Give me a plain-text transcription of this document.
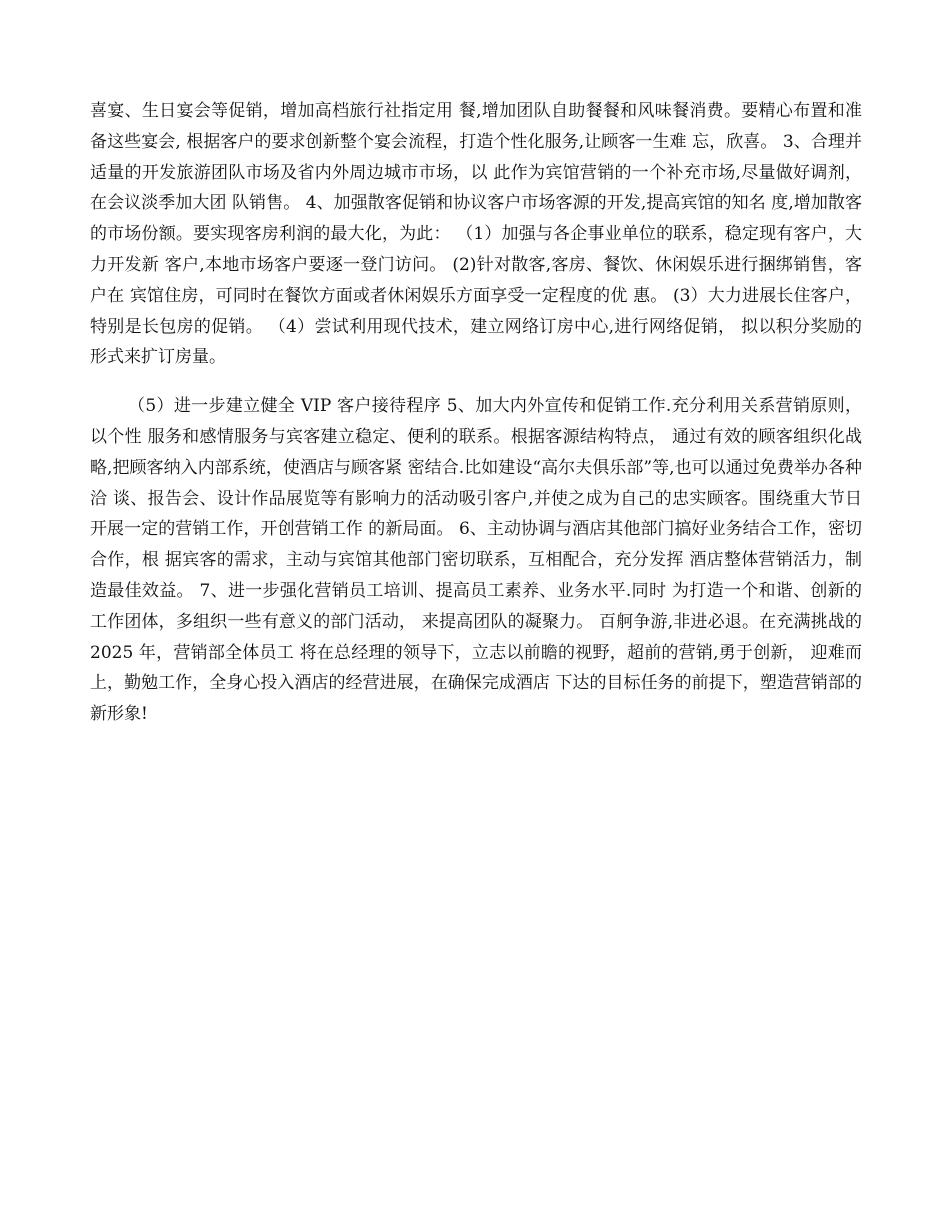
喜宴、生日宴会等促销，增加高档旅行社指定用 餐,增加团队自助餐餐和风味餐消费。要精心布置和准备这些宴会, 根据客户的要求创新整个宴会流程，打造个性化服务,让顾客一生难 忘，欣喜。 3、合理并适量的开发旅游团队市场及省内外周边城市市场，以 此作为宾馆营销的一个补充市场,尽量做好调剂，在会议淡季加大团 队销售。 4、加强散客促销和协议客户市场客源的开发,提高宾馆的知名 度,增加散客的市场份额。要实现客房利润的最大化，为此： （1）加强与各企事业单位的联系，稳定现有客户，大力开发新 客户,本地市场客户要逐一登门访问。 (2)针对散客,客房、餐饮、休闲娱乐进行捆绑销售，客户在 宾馆住房，可同时在餐饮方面或者休闲娱乐方面享受一定程度的优 惠。 (3）大力进展长住客户，特别是长包房的促销。 （4）尝试利用现代技术，建立网络订房中心,进行网络促销， 拟以积分奖励的形式来扩订房量。

（5）进一步建立健全 VIP 客户接待程序 5、加大内外宣传和促销工作.充分利用关系营销原则，以个性 服务和感情服务与宾客建立稳定、便利的联系。根据客源结构特点， 通过有效的顾客组织化战略,把顾客纳入内部系统，使酒店与顾客紧 密结合.比如建设“高尔夫俱乐部”等,也可以通过免费举办各种洽 谈、报告会、设计作品展览等有影响力的活动吸引客户,并使之成为自己的忠实顾客。围绕重大节日开展一定的营销工作，开创营销工作 的新局面。 6、主动协调与酒店其他部门搞好业务结合工作，密切合作，根 据宾客的需求，主动与宾馆其他部门密切联系，互相配合，充分发挥 酒店整体营销活力，制造最佳效益。 7、进一步强化营销员工培训、提高员工素养、业务水平.同时 为打造一个和谐、创新的工作团体，多组织一些有意义的部门活动， 来提高团队的凝聚力。 百舸争游,非进必退。在充满挑战的 2025 年，营销部全体员工 将在总经理的领导下，立志以前瞻的视野，超前的营销,勇于创新， 迎难而上，勤勉工作，全身心投入酒店的经营进展，在确保完成酒店 下达的目标任务的前提下，塑造营销部的新形象!
